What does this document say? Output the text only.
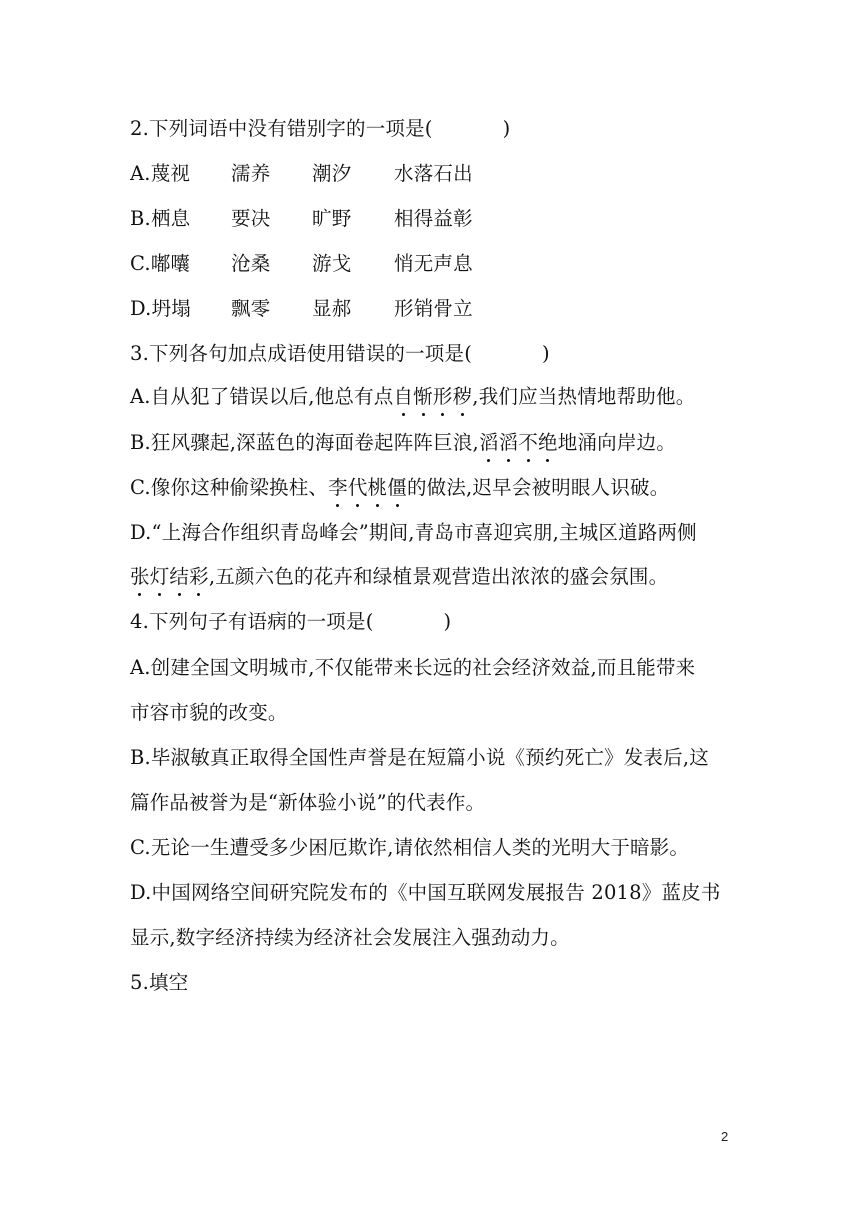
2.下列词语中没有错别字的一项是(	)
A.蔑视 濡养 潮汐 水落石出
B.栖息 要决 旷野 相得益彰
C.嘟囔 沧桑 游戈 悄无声息
D.坍塌 飘零 显郝 形销骨立
3.下列各句加点成语使用错误的一项是(	)
A.自从犯了错误以后,他总有点自惭形秽,我们应当热情地帮助他。
B.狂风骤起,深蓝色的海面卷起阵阵巨浪,滔滔不绝地涌向岸边。
C.像你这种偷梁换柱、李代桃僵的做法,迟早会被明眼人识破。
D.“上海合作组织青岛峰会”期间,青岛市喜迎宾朋,主城区道路两侧
张灯结彩,五颜六色的花卉和绿植景观营造出浓浓的盛会氛围。
4.下列句子有语病的一项是(	)
A.创建全国文明城市,不仅能带来长远的社会经济效益,而且能带来
市容市貌的改变。
B.毕淑敏真正取得全国性声誉是在短篇小说《预约死亡》发表后,这
篇作品被誉为是“新体验小说”的代表作。
C.无论一生遭受多少困厄欺诈,请依然相信人类的光明大于暗影。
D.中国网络空间研究院发布的《中国互联网发展报告 2018》蓝皮书
显示,数字经济持续为经济社会发展注入强劲动力。
5.填空
2
